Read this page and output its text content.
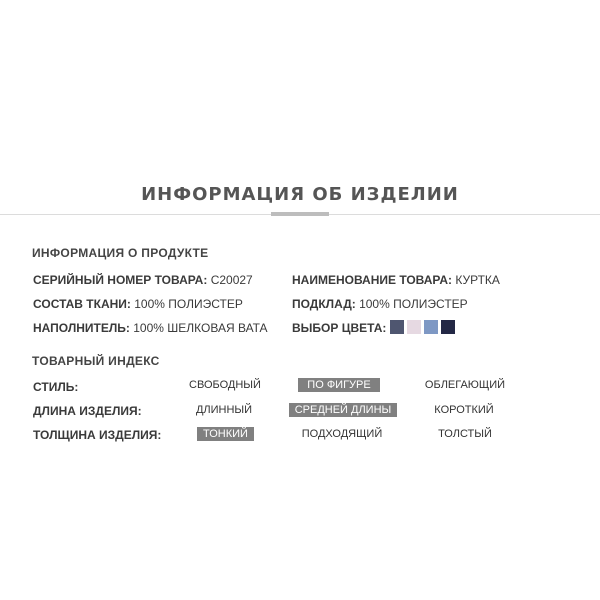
ИНФОРМАЦИЯ ОБ ИЗДЕЛИИ
ИНФОРМАЦИЯ О ПРОДУКТЕ
СЕРИЙНЫЙ НОМЕР ТОВАРА: C20027	НАИМЕНОВАНИЕ ТОВАРА: КУРТКА
СОСТАВ ТКАНИ: 100% ПОЛИЭСТЕР	ПОДКЛАД: 100% ПОЛИЭСТЕР
НАПОЛНИТЕЛЬ: 100% ШЕЛКОВАЯ ВАТА ВЫБОР ЦВЕТА:
ТОВАРНЫЙ ИНДЕКС
СТИЛЬ:	СВОБОДНЫЙ	ПО ФИГУРЕ	ОБЛЕГАЮЩИЙ
ДЛИНА ИЗДЕЛИЯ:	ДЛИННЫЙ	СРЕДНЕЙ ДЛИНЫ	КОРОТКИЙ
ТОЛЩИНА ИЗДЕЛИЯ:	ТОНКИЙ	ПОДХОДЯЩИЙ	ТОЛСТЫЙ
